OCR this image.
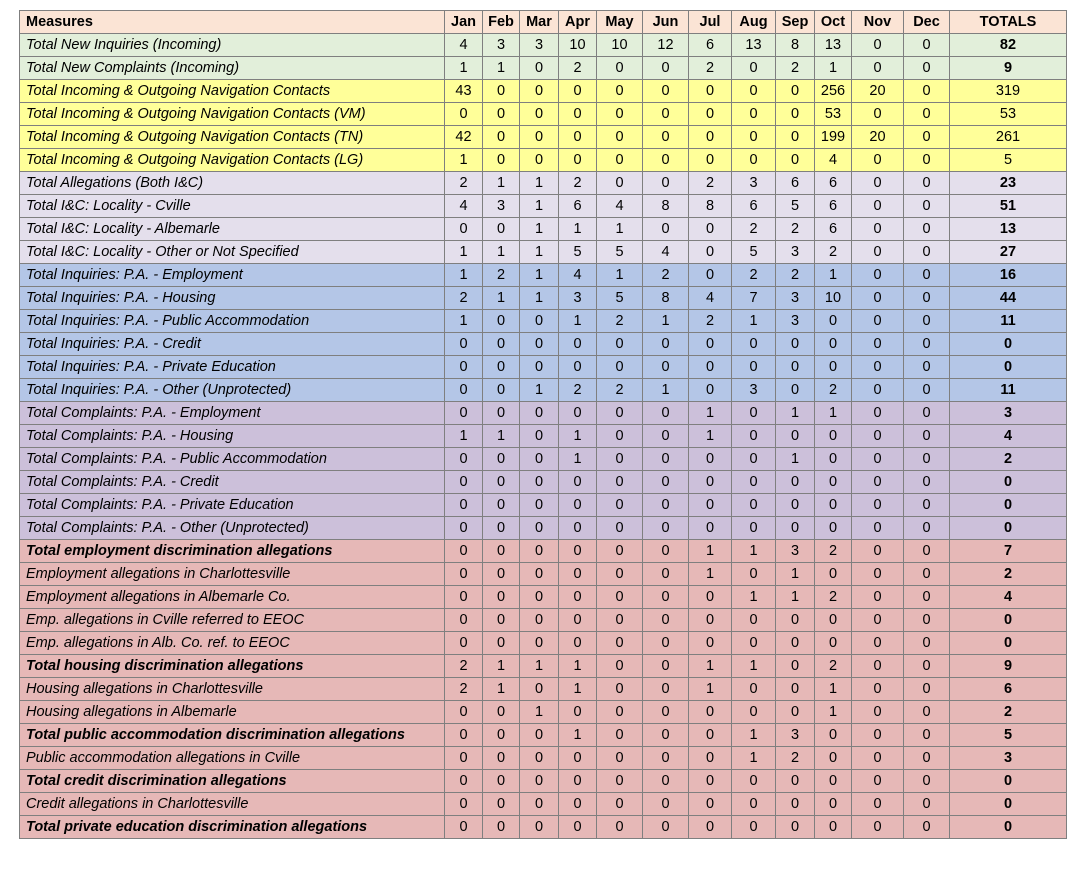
Measures	Jan	Feb	Mar	Apr	May	Jun	Jul	Aug	Sep	Oct	Nov	Dec	TOTALS
Total New Inquiries (Incoming)	4	3	3	10	10	12	6	13	8	13	0	0	82
Total New Complaints (Incoming)	1	1	0	2	0	0	2	0	2	1	0	0	9
Total Incoming & Outgoing Navigation Contacts	43	0	0	0	0	0	0	0	0	256	20	0	319
Total Incoming & Outgoing Navigation Contacts (VM)	0	0	0	0	0	0	0	0	0	53	0	0	53
Total Incoming & Outgoing Navigation Contacts (TN)	42	0	0	0	0	0	0	0	0	199	20	0	261
Total Incoming & Outgoing Navigation Contacts (LG)	1	0	0	0	0	0	0	0	0	4	0	0	5
Total Allegations (Both I&C)	2	1	1	2	0	0	2	3	6	6	0	0	23
Total I&C: Locality - Cville	4	3	1	6	4	8	8	6	5	6	0	0	51
Total I&C: Locality - Albemarle	0	0	1	1	1	0	0	2	2	6	0	0	13
Total I&C: Locality - Other or Not Specified	1	1	1	5	5	4	0	5	3	2	0	0	27
Total Inquiries: P.A. - Employment	1	2	1	4	1	2	0	2	2	1	0	0	16
Total Inquiries: P.A. - Housing	2	1	1	3	5	8	4	7	3	10	0	0	44
Total Inquiries: P.A. - Public Accommodation	1	0	0	1	2	1	2	1	3	0	0	0	11
Total Inquiries: P.A. - Credit	0	0	0	0	0	0	0	0	0	0	0	0	0
Total Inquiries: P.A. - Private Education	0	0	0	0	0	0	0	0	0	0	0	0	0
Total Inquiries: P.A. - Other (Unprotected)	0	0	1	2	2	1	0	3	0	2	0	0	11
Total Complaints: P.A. - Employment	0	0	0	0	0	0	1	0	1	1	0	0	3
Total Complaints: P.A. - Housing	1	1	0	1	0	0	1	0	0	0	0	0	4
Total Complaints: P.A. - Public Accommodation	0	0	0	1	0	0	0	0	1	0	0	0	2
Total Complaints: P.A. - Credit	0	0	0	0	0	0	0	0	0	0	0	0	0
Total Complaints: P.A. - Private Education	0	0	0	0	0	0	0	0	0	0	0	0	0
Total Complaints: P.A. - Other (Unprotected)	0	0	0	0	0	0	0	0	0	0	0	0	0
Total employment discrimination allegations	0	0	0	0	0	0	1	1	3	2	0	0	7
Employment allegations in Charlottesville	0	0	0	0	0	0	1	0	1	0	0	0	2
Employment allegations in Albemarle Co.	0	0	0	0	0	0	0	1	1	2	0	0	4
Emp. allegations in Cville referred to EEOC	0	0	0	0	0	0	0	0	0	0	0	0	0
Emp. allegations in Alb. Co. ref. to EEOC	0	0	0	0	0	0	0	0	0	0	0	0	0
Total housing discrimination allegations	2	1	1	1	0	0	1	1	0	2	0	0	9
Housing allegations in Charlottesville	2	1	0	1	0	0	1	0	0	1	0	0	6
Housing allegations in Albemarle	0	0	1	0	0	0	0	0	0	1	0	0	2
Total public accommodation discrimination allegations	0	0	0	1	0	0	0	1	3	0	0	0	5
Public accommodation allegations in Cville	0	0	0	0	0	0	0	1	2	0	0	0	3
Total credit discrimination allegations	0	0	0	0	0	0	0	0	0	0	0	0	0
Credit allegations in Charlottesville	0	0	0	0	0	0	0	0	0	0	0	0	0
Total private education discrimination allegations	0	0	0	0	0	0	0	0	0	0	0	0	0
